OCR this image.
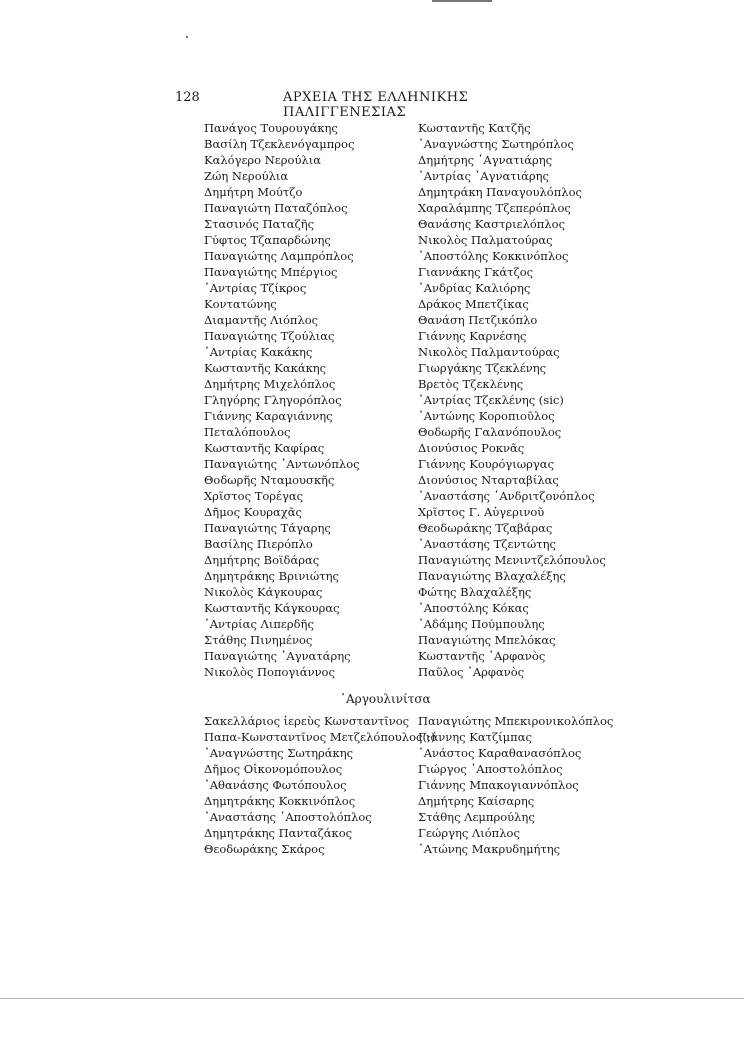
128	ΑΡΧΕΙΑ ΤΗΣ ΕΛΛΗΝΙΚΗΣ ΠΑΛΙΓΓΕΝΕΣΙΑΣ
Πανάγος Τουρουγάκης
Βασίλη Τζεκλενόγαμπρος
Καλόγερο Νερούλια
Ζώη Νερούλια
Δημήτρη Μούτζο
Παναγιώτη Παταζόπλος
Στασινός Παταζῆς
Γύφτος Τζαπαρδώνης
Παναγιώτης Λαμπρόπλος
Παναγιώτης Μπέργιος
᾿Αντρίας Τζίκρος
Κοντατώνης
Διαμαντῆς Λιόπλος
Παναγιώτης Τζούλιας
᾿Αντρίας Κακάκης
Κωσταντῆς Κακάκης
Δημήτρης Μιχελόπλος
Γληγόρης Γληγορόπλος
Γιάννης Καραγιάννης
Πεταλόπουλος
Κωσταντῆς Καφίρας
Παναγιώτης ᾿Αντωνόπλος
Θοδωρῆς Νταμουσκῆς
Χρῖστος Τορέγας
Δῆμος Κουραχᾶς
Παναγιώτης Τάγαρης
Βασίλης Πιερόπλο
Δημήτρης Βοϊδάρας
Δημητράκης Βρινιώτης
Νικολὸς Κάγκουρας
Κωσταντῆς Κάγκουρας
᾿Αντρίας Λιπερδῆς
Στάθης Πινημένος
Παναγιώτης ᾿Αγνατάρης
Νικολὸς Ποπογιάννος
Κωσταντῆς Κατζῆς
᾿Αναγνώστης Σωτηρόπλος
Δημήτρης ᾿Αγνατιάρης
᾿Αντρίας ᾿Αγνατιάρης
Δημητράκη Παναγουλόπλος
Χαραλάμπης Τζεπερόπλος
Θανάσης Καστριελόπλος
Νικολὸς Παλματούρας
᾿Αποστόλης Κοκκινόπλος
Γιαννάκης Γκάτζος
᾿Ανδρίας Καλιόρης
Δράκος Μπετζίκας
Θανάση Πετζικόπλο
Γιάννης Καρνέσης
Νικολὸς Παλμαντούρας
Γιωργάκης Τζεκλένης
Βρετὸς Τζεκλένης
᾿Αντρίας Τζεκλένης (sic)
᾿Αντώνης Κοροπιοῦλος
Θοδωρῆς Γαλανόπουλος
Διονύσιος Ροκνᾶς
Γιάννης Κουρόγιωργας
Διονύσιος Νταρταβίλας
᾿Αναστάσης ᾿Ανδριτζονόπλος
Χρῖστος Γ. Αὐγερινοῦ
Θεοδωράκης Τζαβάρας
᾿Αναστάσης Τζεντώτης
Παναγιώτης Μενιντζελόπουλος
Παναγιώτης Βλαχαλέξης
Φώτης Βλαχαλέξης
᾿Αποστόλης Κόκας
᾿Αδάμης Πούμπουλης
Παναγιώτης Μπελόκας
Κωσταντῆς ᾿Αρφανὸς
Παῦλος ᾿Αρφανὸς
᾿Αργουλινίτσα
Σακελλάριος ἱερεὺς Κωνσταντῖνος
Παπα-Κωνσταντῖνος Μετζελόπουλος(;)
᾿Αναγνώστης Σωτηράκης
Δῆμος Οἰκονομόπουλος
᾿Αθανάσης Φωτόπουλος
Δημητράκης Κοκκινόπλος
᾿Αναστάσης ᾿Αποστολόπλος
Δημητράκης Πανταζάκος
Θεοδωράκης Σκάρος
Παναγιώτης Μπεκιρονικολόπλος
Γιάννης Κατζίμπας
᾿Ανάστος Καραθανασόπλος
Γιώργος ᾿Αποστολόπλος
Γιάννης Μπακογιαννόπλος
Δημήτρης Καίσαρης
Στάθης Λεμπρούλης
Γεώργης Λιόπλος
᾿Ατώνης Μακρυδημήτης
